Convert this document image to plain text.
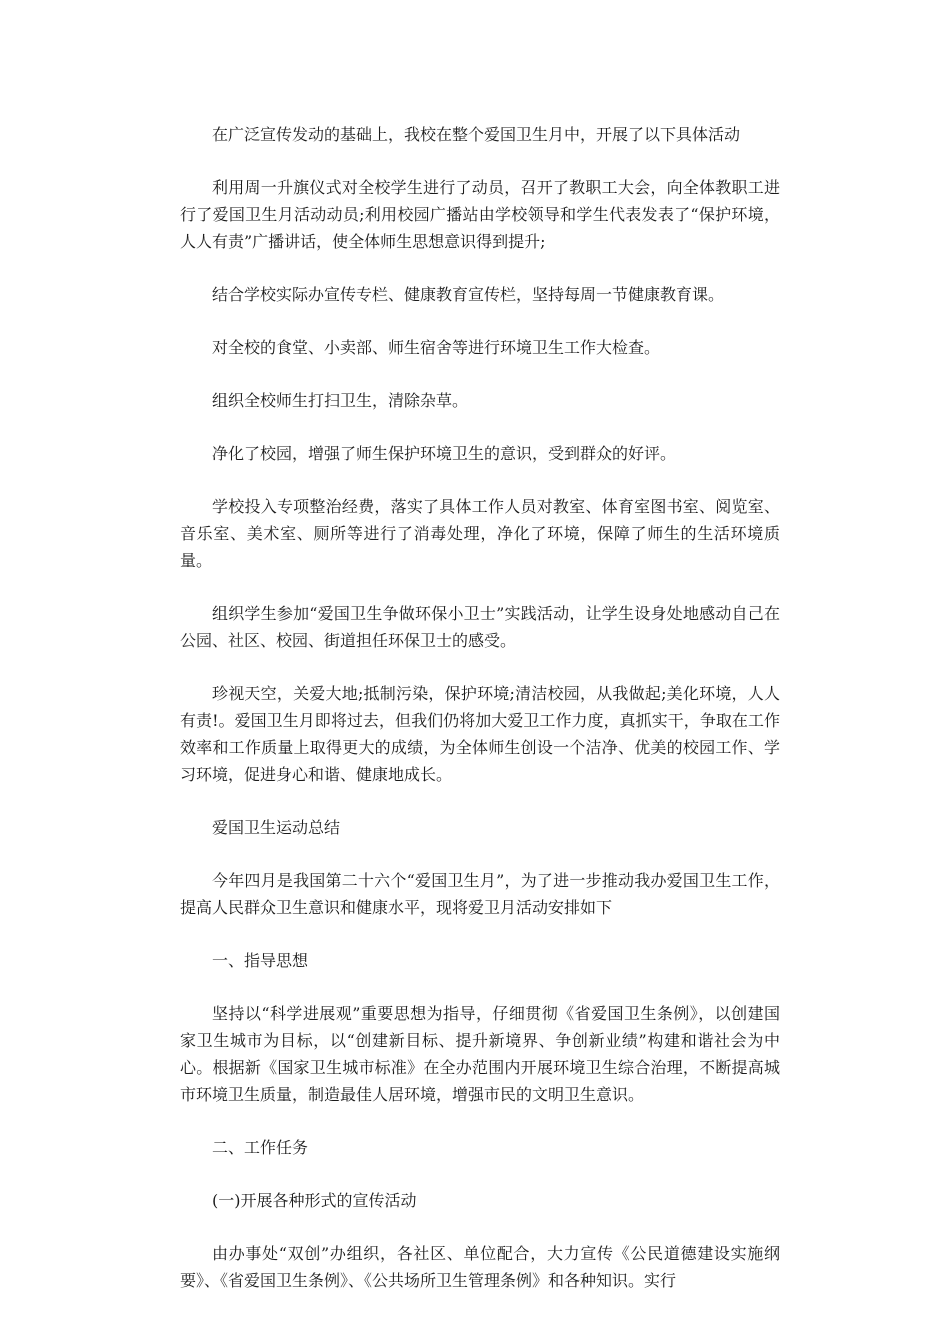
在广泛宣传发动的基础上，我校在整个爱国卫生月中，开展了以下具体活动

利用周一升旗仪式对全校学生进行了动员，召开了教职工大会，向全体教职工进行了爱国卫生月活动动员;利用校园广播站由学校领导和学生代表发表了“保护环境，人人有责”广播讲话，使全体师生思想意识得到提升;

结合学校实际办宣传专栏、健康教育宣传栏，坚持每周一节健康教育课。

对全校的食堂、小卖部、师生宿舍等进行环境卫生工作大检查。

组织全校师生打扫卫生，清除杂草。

净化了校园，增强了师生保护环境卫生的意识，受到群众的好评。

学校投入专项整治经费，落实了具体工作人员对教室、体育室图书室、阅览室、音乐室、美术室、厕所等进行了消毒处理，净化了环境，保障了师生的生活环境质量。

组织学生参加“爱国卫生争做环保小卫士”实践活动，让学生设身处地感动自己在公园、社区、校园、街道担任环保卫士的感受。

珍视天空，关爱大地;抵制污染，保护环境;清洁校园，从我做起;美化环境，人人有责!。爱国卫生月即将过去，但我们仍将加大爱卫工作力度，真抓实干，争取在工作效率和工作质量上取得更大的成绩，为全体师生创设一个洁净、优美的校园工作、学习环境，促进身心和谐、健康地成长。

爱国卫生运动总结

今年四月是我国第二十六个“爱国卫生月”，为了进一步推动我办爱国卫生工作，提高人民群众卫生意识和健康水平，现将爱卫月活动安排如下

一、指导思想

坚持以“科学进展观”重要思想为指导，仔细贯彻《省爱国卫生条例》，以创建国家卫生城市为目标，以“创建新目标、提升新境界、争创新业绩”构建和谐社会为中心。根据新《国家卫生城市标准》在全办范围内开展环境卫生综合治理，不断提高城市环境卫生质量，制造最佳人居环境，增强市民的文明卫生意识。

二、工作任务

(一)开展各种形式的宣传活动

由办事处“双创”办组织，各社区、单位配合，大力宣传《公民道德建设实施纲要》、《省爱国卫生条例》、《公共场所卫生管理条例》和各种知识。实行
